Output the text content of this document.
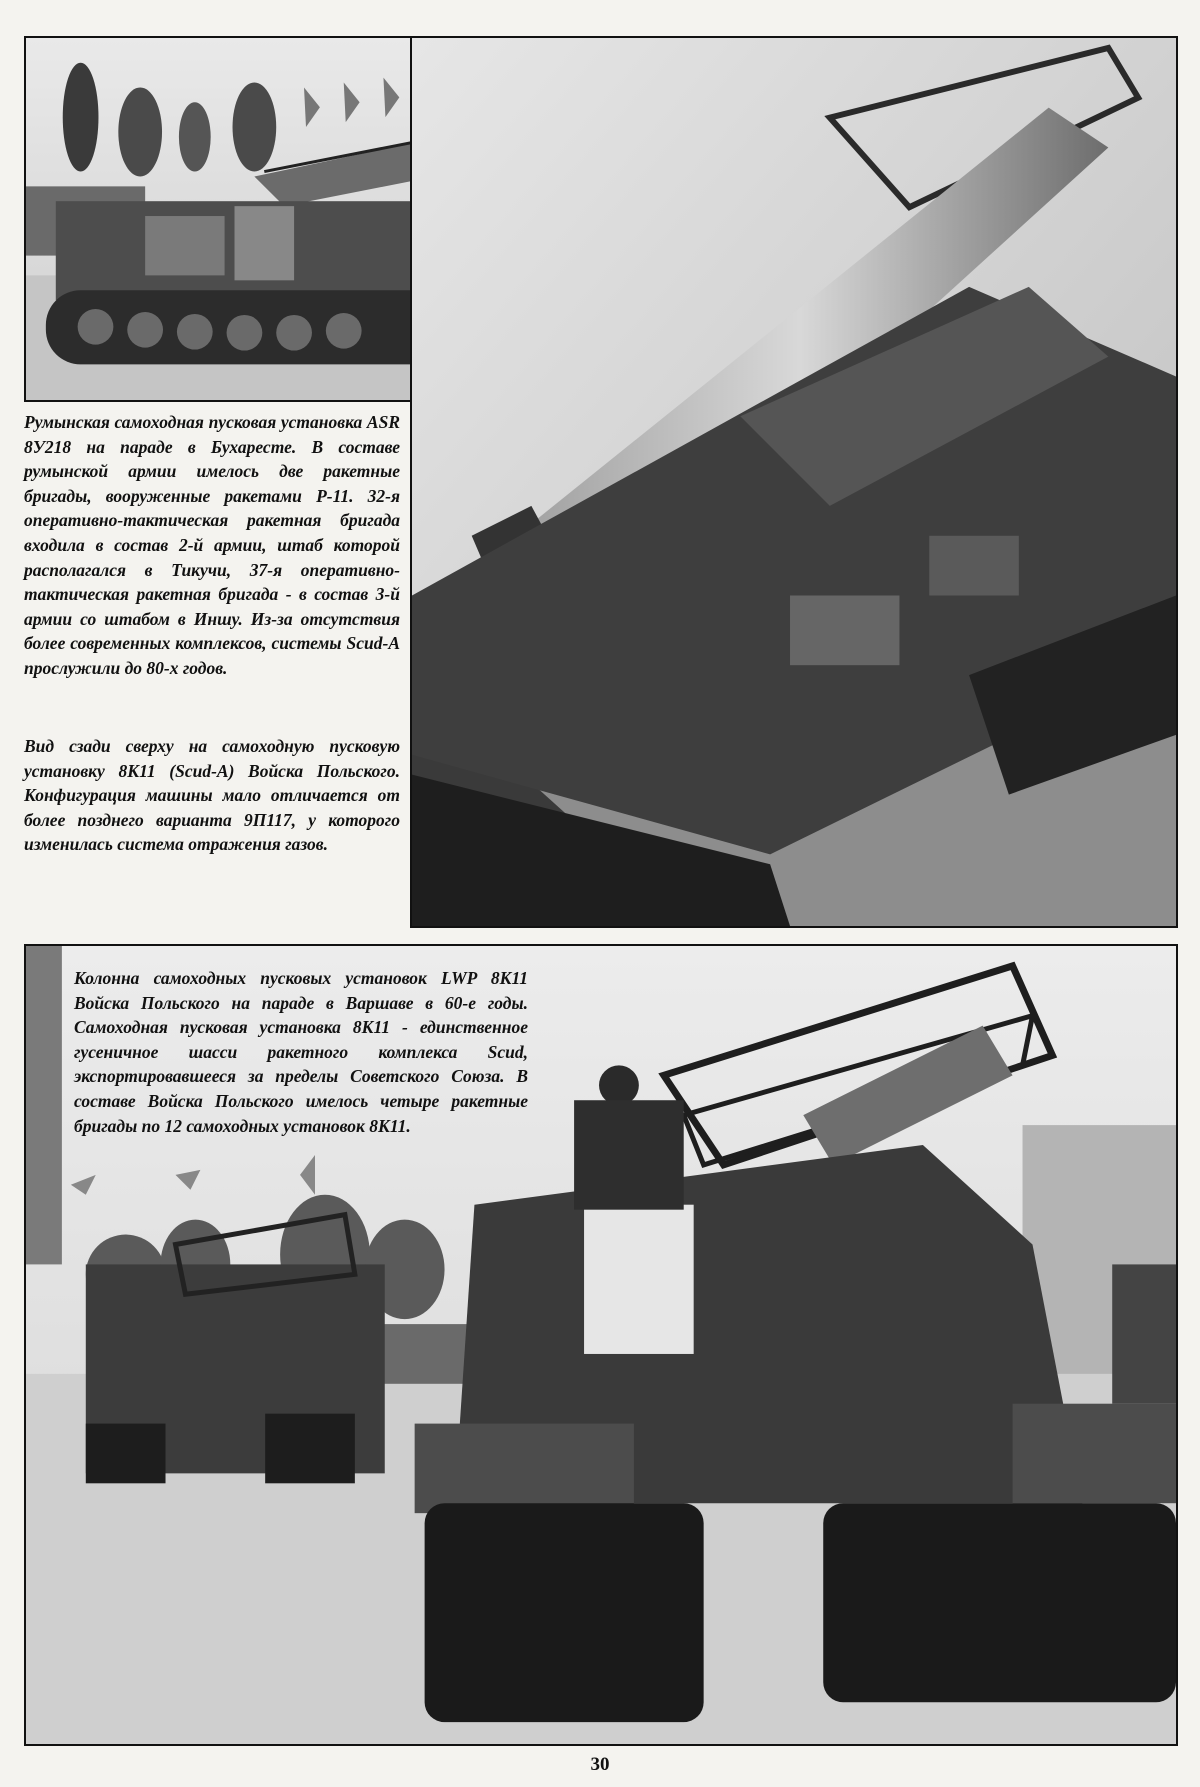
Румынская самоходная пусковая установка ASR 8У218 на параде в Бухаресте. В составе румынской армии имелось две ракетные бригады, вооруженные ракетами Р-11. 32-я оперативно-тактическая ракетная бригада входила в состав 2-й армии, штаб которой располагался в Тикучи, 37-я оперативно-тактическая ракетная бригада - в состав 3-й армии со штабом в Иншу. Из-за отсутствия более современных комплексов, системы Scud-A прослужили до 80-х годов.

Вид сзади сверху на самоходную пусковую установку 8К11 (Scud-A) Войска Польского. Конфигурация машины мало отличается от более позднего варианта 9П117, у которого изменилась система отражения газов.

Колонна самоходных пусковых установок LWP 8К11 Войска Польского на параде в Варшаве в 60-е годы. Самоходная пусковая установка 8К11 - единственное гусеничное шасси ракетного комплекса Scud, экспортировавшееся за пределы Советского Союза. В составе Войска Польского имелось четыре ракетные бригады по 12 самоходных установок 8К11.

30
